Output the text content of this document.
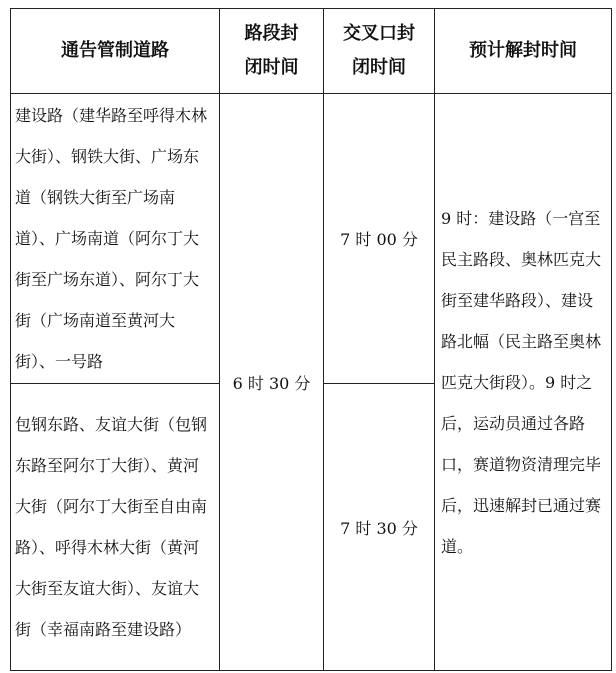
通告管制道路	路段封闭时间	交叉口封闭时间	预计解封时间
建设路（建华路至呼得木林大街）、钢铁大街、广场东道（钢铁大街至广场南道）、广场南道（阿尔丁大街至广场东道）、阿尔丁大街（广场南道至黄河大街）、一号路	6 时 30 分	7 时 00 分	9 时：建设路（一宫至民主路段、奥林匹克大街至建华路段）、建设路北幅（民主路至奥林匹克大街段）。9 时之后，运动员通过各路口，赛道物资清理完毕后，迅速解封已通过赛道。
包钢东路、友谊大街（包钢东路至阿尔丁大街）、黄河大街（阿尔丁大街至自由南路）、呼得木林大街（黄河大街至友谊大街）、友谊大街（幸福南路至建设路）		7 时 30 分	
